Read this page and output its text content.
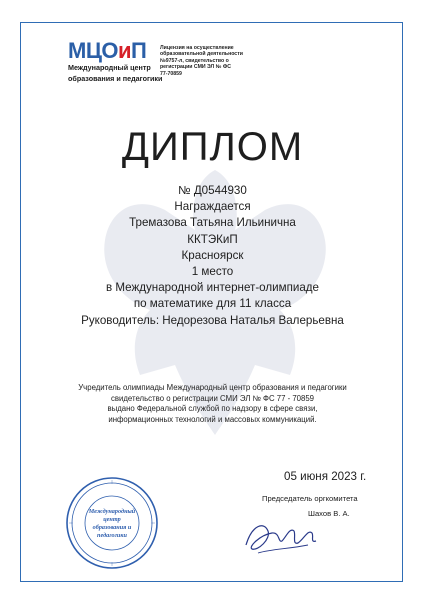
МЦО и П
Международный центр
образования и педагогики
Лицензия на осуществление
образовательной деятельности
№9757-л, свидетельство о
регистрации СМИ ЭЛ № ФС
77-70859
ДИПЛОМ
№ Д0544930
Награждается
Тремазова Татьяна Ильинична
ККТЭКиП
Красноярск
1 место
в Международной интернет-олимпиаде
по математике для 11 класса
Руководитель: Недорезова Наталья Валерьевна
Учредитель олимпиады Международный центр образования и педагогики
свидетельство о регистрации СМИ ЭЛ № ФС 77 - 70859
выдано Федеральной службой по надзору в сфере связи,
информационных технологий и массовых коммуникаций.
05 июня 2023 г.
Председатель оргкомитета
Шахов В. А.
Международный
центр
образования и
педагогики
